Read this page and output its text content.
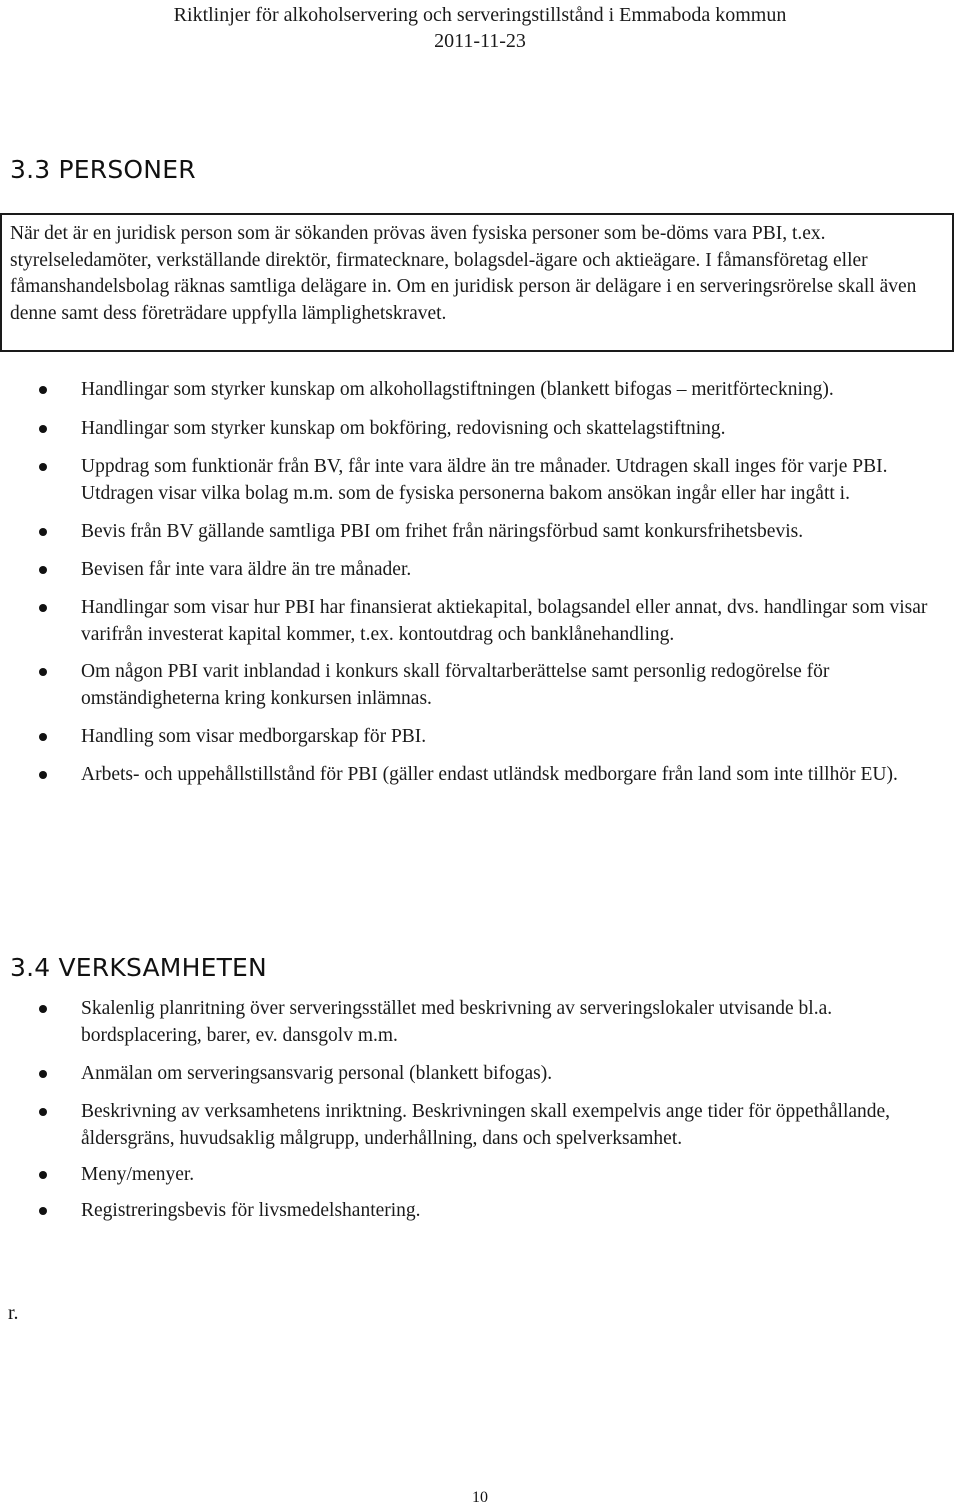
Riktlinjer för alkoholservering och serveringstillstånd i Emmaboda kommun
2011-11-23
3.3 PERSONER

När det är en juridisk person som är sökanden prövas även fysiska personer som be-döms vara PBI, t.ex. styrelseledamöter, verkställande direktör, firmatecknare, bolagsdel-ägare och aktieägare. I fåmansföretag eller fåmanshandelsbolag räknas samtliga delägare in. Om en juridisk person är delägare i en serveringsrörelse skall även denne samt dess företrädare uppfylla lämplighetskravet.

Handlingar som styrker kunskap om alkohollagstiftningen (blankett bifogas – meritförteckning).
Handlingar som styrker kunskap om bokföring, redovisning och skattelagstiftning.
Uppdrag som funktionär från BV, får inte vara äldre än tre månader. Utdragen skall inges för varje PBI. Utdragen visar vilka bolag m.m. som de fysiska personerna bakom ansökan ingår eller har ingått i.
Bevis från BV gällande samtliga PBI om frihet från näringsförbud samt konkursfrihetsbevis.
Bevisen får inte vara äldre än tre månader.
Handlingar som visar hur PBI har finansierat aktiekapital, bolagsandel eller annat, dvs. handlingar som visar varifrån investerat kapital kommer, t.ex. kontoutdrag och banklånehandling.
Om någon PBI varit inblandad i konkurs skall förvaltarberättelse samt personlig redogörelse för omständigheterna kring konkursen inlämnas.
Handling som visar medborgarskap för PBI.
Arbets- och uppehållstillstånd för PBI (gäller endast utländsk medborgare från land som inte tillhör EU).
3.4 VERKSAMHETEN
Skalenlig planritning över serveringsstället med beskrivning av serveringslokaler utvisande bl.a. bordsplacering, barer, ev. dansgolv m.m.
Anmälan om serveringsansvarig personal (blankett bifogas).
Beskrivning av verksamhetens inriktning. Beskrivningen skall exempelvis ange tider för öppethållande, åldersgräns, huvudsaklig målgrupp, underhållning, dans och spelverksamhet.
Meny/menyer.
Registreringsbevis för livsmedelshantering.
r.
10
